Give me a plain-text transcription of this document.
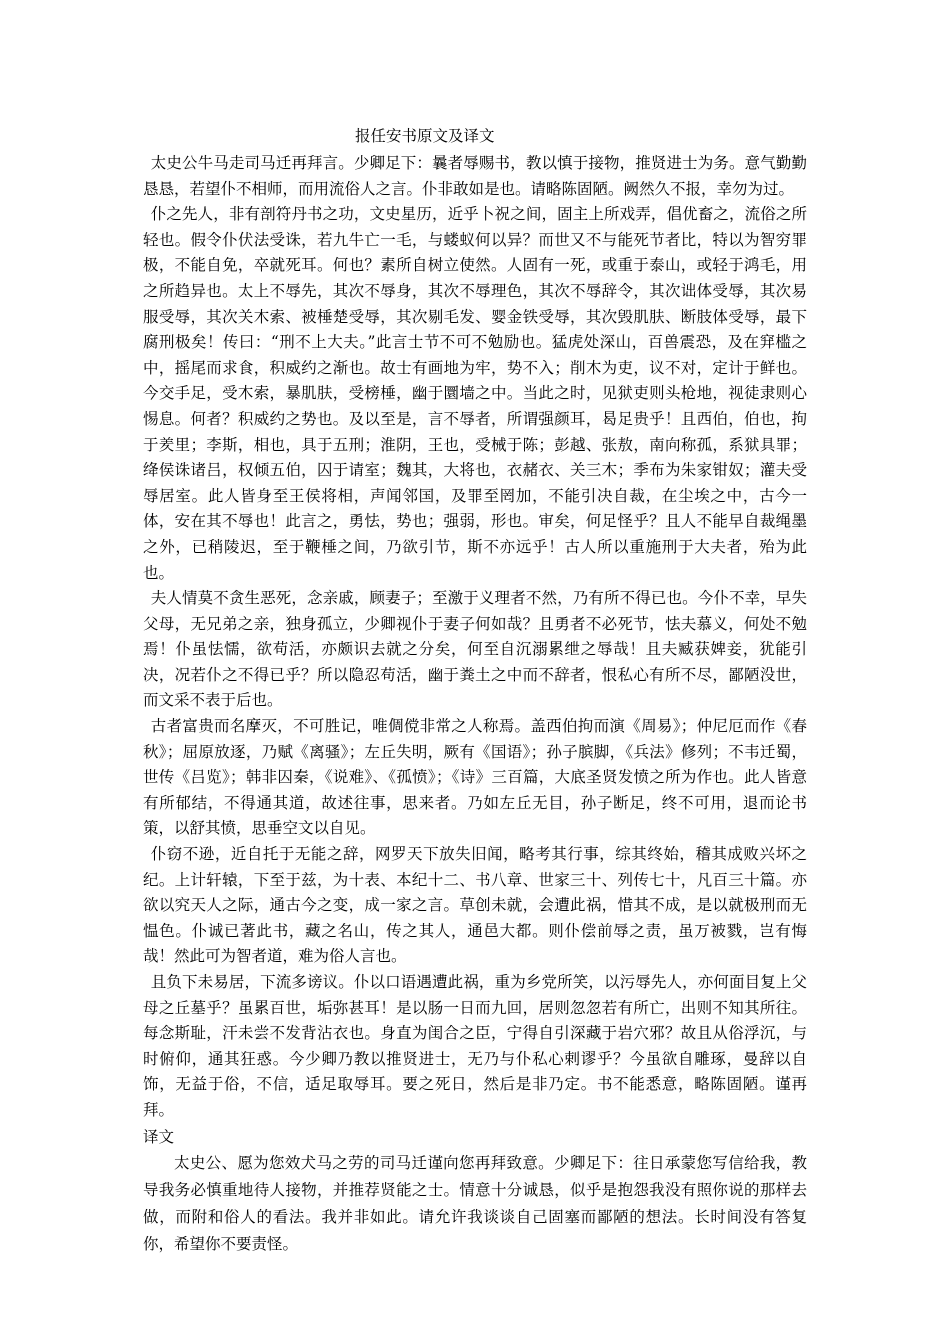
报任安书原文及译文

太史公牛马走司马迁再拜言。少卿足下：曩者辱赐书，教以慎于接物，推贤进士为务。意气勤勤恳恳，若望仆不相师，而用流俗人之言。仆非敢如是也。请略陈固陋。阙然久不报，幸勿为过。

仆之先人，非有剖符丹书之功，文史星历，近乎卜祝之间，固主上所戏弄，倡优畜之，流俗之所轻也。假令仆伏法受诛，若九牛亡一毛，与蝼蚁何以异？而世又不与能死节者比，特以为智穷罪极，不能自免，卒就死耳。何也？素所自树立使然。人固有一死，或重于泰山，或轻于鸿毛，用之所趋异也。太上不辱先，其次不辱身，其次不辱理色，其次不辱辞令，其次诎体受辱，其次易服受辱，其次关木索、被棰楚受辱，其次剔毛发、婴金铁受辱，其次毁肌肤、断肢体受辱，最下腐刑极矣！传曰：“刑不上大夫。”此言士节不可不勉励也。猛虎处深山，百兽震恐，及在穽槛之中，摇尾而求食，积威约之渐也。故士有画地为牢，势不入；削木为吏，议不对，定计于鲜也。今交手足，受木索，暴肌肤，受榜棰，幽于圜墙之中。当此之时，见狱吏则头枪地，视徒隶则心惕息。何者？积威约之势也。及以至是，言不辱者，所谓强颜耳，曷足贵乎！且西伯，伯也，拘于羑里；李斯，相也，具于五刑；淮阴，王也，受械于陈；彭越、张敖，南向称孤，系狱具罪；绛侯诛诸吕，权倾五伯，囚于请室；魏其，大将也，衣赭衣、关三木；季布为朱家钳奴；灌夫受辱居室。此人皆身至王侯将相，声闻邻国，及罪至罔加，不能引决自裁，在尘埃之中，古今一体，安在其不辱也！此言之，勇怯，势也；强弱，形也。审矣，何足怪乎？且人不能早自裁绳墨之外，已稍陵迟，至于鞭棰之间，乃欲引节，斯不亦远乎！古人所以重施刑于大夫者，殆为此也。

夫人情莫不贪生恶死，念亲戚，顾妻子；至激于义理者不然，乃有所不得已也。今仆不幸，早失父母，无兄弟之亲，独身孤立，少卿视仆于妻子何如哉？且勇者不必死节，怯夫慕义，何处不勉焉！仆虽怯懦，欲苟活，亦颇识去就之分矣，何至自沉溺累绁之辱哉！且夫臧获婢妾，犹能引决，况若仆之不得已乎？所以隐忍苟活，幽于粪土之中而不辞者，恨私心有所不尽，鄙陋没世，而文采不表于后也。

古者富贵而名摩灭，不可胜记，唯倜傥非常之人称焉。盖西伯拘而演《周易》；仲尼厄而作《春秋》；屈原放逐，乃赋《离骚》；左丘失明，厥有《国语》；孙子膑脚，《兵法》修列；不韦迁蜀，世传《吕览》；韩非囚秦，《说难》、《孤愤》；《诗》三百篇，大底圣贤发愤之所为作也。此人皆意有所郁结，不得通其道，故述往事，思来者。乃如左丘无目，孙子断足，终不可用，退而论书策，以舒其愤，思垂空文以自见。

仆窃不逊，近自托于无能之辞，网罗天下放失旧闻，略考其行事，综其终始，稽其成败兴坏之纪。上计轩辕，下至于兹，为十表、本纪十二、书八章、世家三十、列传七十，凡百三十篇。亦欲以究天人之际，通古今之变，成一家之言。草创未就，会遭此祸，惜其不成，是以就极刑而无愠色。仆诚已著此书，藏之名山，传之其人，通邑大都。则仆偿前辱之责，虽万被戮，岂有悔哉！然此可为智者道，难为俗人言也。

且负下未易居，下流多谤议。仆以口语遇遭此祸，重为乡党所笑，以污辱先人，亦何面目复上父母之丘墓乎？虽累百世，垢弥甚耳！是以肠一日而九回，居则忽忽若有所亡，出则不知其所往。每念斯耻，汗未尝不发背沾衣也。身直为闺合之臣，宁得自引深藏于岩穴邪？故且从俗浮沉，与时俯仰，通其狂惑。今少卿乃教以推贤进士，无乃与仆私心剌谬乎？今虽欲自雕琢，曼辞以自饰，无益于俗，不信，适足取辱耳。要之死日，然后是非乃定。书不能悉意，略陈固陋。谨再拜。

译文

太史公、愿为您效犬马之劳的司马迁谨向您再拜致意。少卿足下：往日承蒙您写信给我，教导我务必慎重地待人接物，并推荐贤能之士。情意十分诚恳，似乎是抱怨我没有照你说的那样去做，而附和俗人的看法。我并非如此。请允许我谈谈自己固塞而鄙陋的想法。长时间没有答复你，希望你不要责怪。
